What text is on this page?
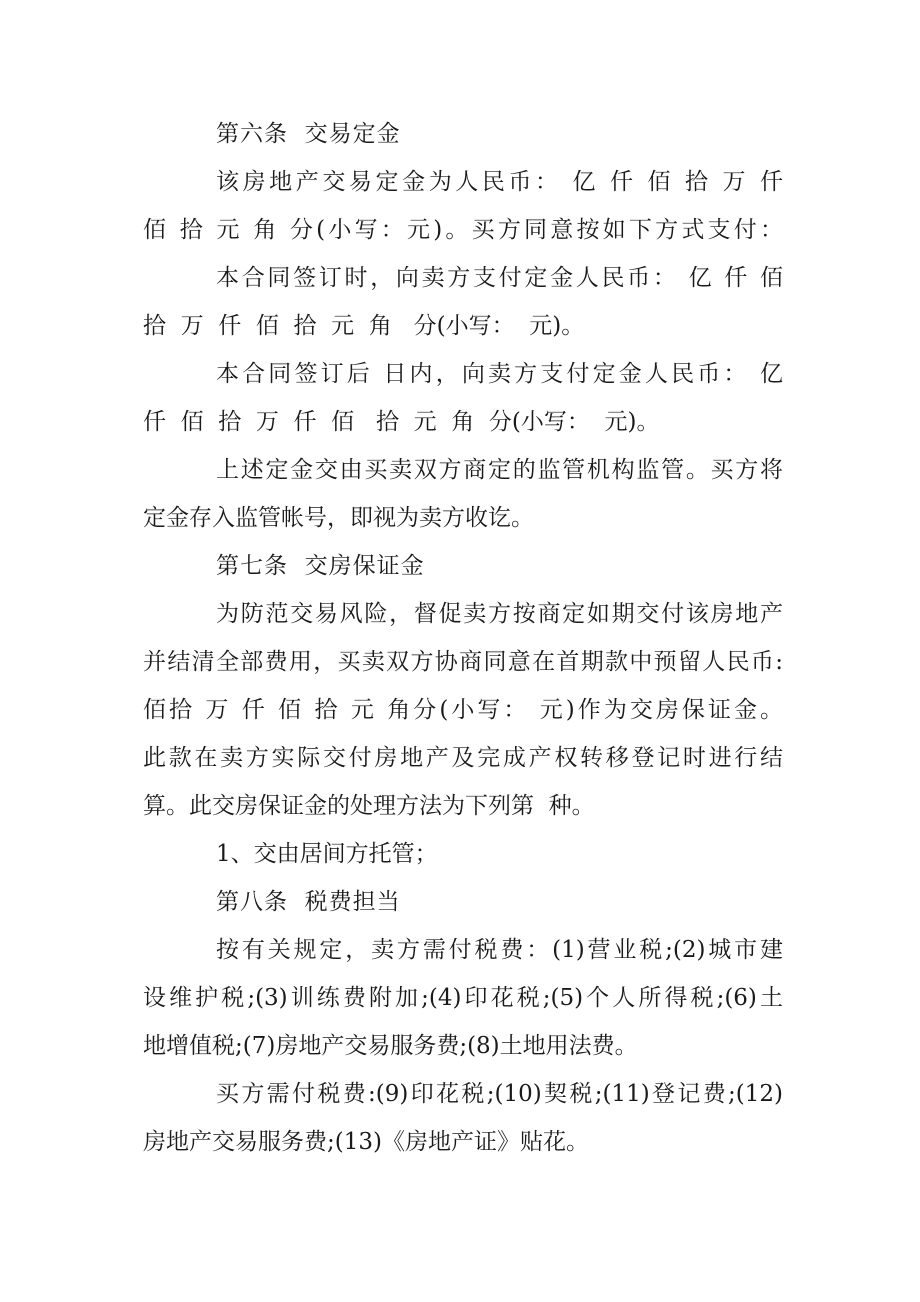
第六条  交易定金
该房地产交易定金为人民币： 亿 仟 佰 拾 万 仟
佰 拾 元 角 分(小写：元)。买方同意按如下方式支付：
本合同签订时，向卖方支付定金人民币： 亿 仟 佰
拾  万  仟  佰  拾  元  角   分(小写：  元)。
本合同签订后 日内，向卖方支付定金人民币： 亿
仟  佰  拾  万  仟  佰   拾  元  角  分(小写：  元)。
上述定金交由买卖双方商定的监管机构监管。买方将
定金存入监管帐号，即视为卖方收讫。
第七条  交房保证金
为防范交易风险，督促卖方按商定如期交付该房地产
并结清全部费用，买卖双方协商同意在首期款中预留人民币:
佰拾 万 仟 佰 拾 元 角分(小写： 元)作为交房保证金。
此款在卖方实际交付房地产及完成产权转移登记时进行结
算。此交房保证金的处理方法为下列第  种。
1、交由居间方托管；
第八条  税费担当
按有关规定，卖方需付税费：(1)营业税;(2)城市建
设维护税;(3)训练费附加;(4)印花税;(5)个人所得税;(6)土
地增值税;(7)房地产交易服务费;(8)土地用法费。
买方需付税费:(9)印花税;(10)契税;(11)登记费;(12)
房地产交易服务费;(13)《房地产证》贴花。
